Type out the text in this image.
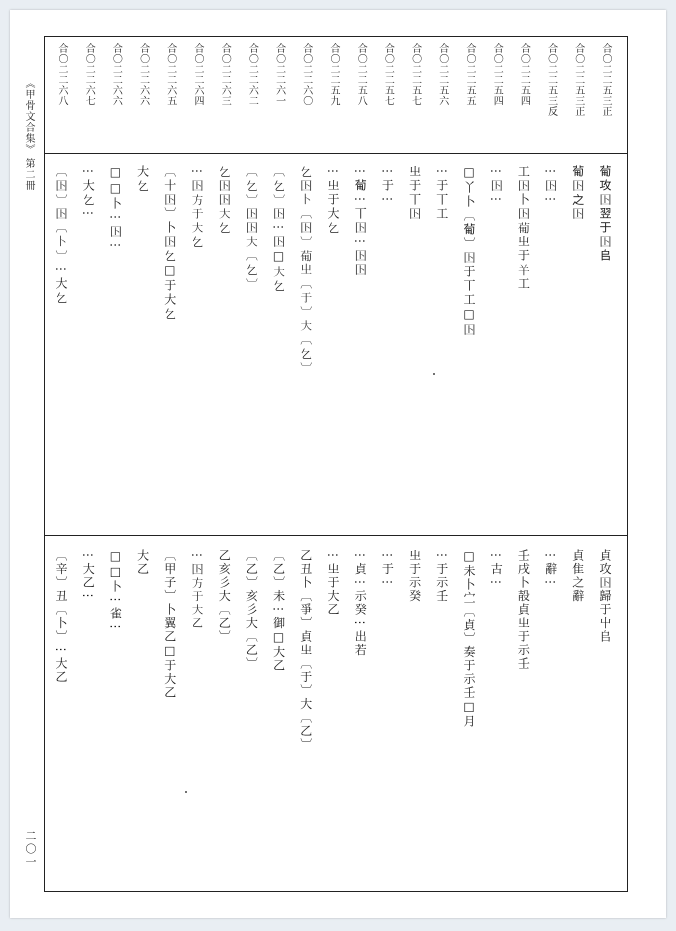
《甲骨文合集》
第二冊
二〇一
合〇二二五三正
𤰈攻𡆥翌于𡆥𠂤
貞攻𡆥歸于屮𠂤
合〇二二五三正
𤰈𡆥之𡆥
貞隹之辭
合〇二二五三反
⋮𡆥⋮
⋮辭⋮
合〇二二五四
工𡆥卜𡆥𤰈㞢于𢆉工
壬戌卜㱿貞㞢于示壬
合〇二二五四
⋮𡆥⋮
⋮古⋮
合〇二二五五
□丫卜〔𤰈〕𡆥于丅工□𡆥
□未卜㝉〔貞〕奏于示壬□月
合〇二二五六
⋮于丅工
⋮于示壬
合〇二二五七
㞢于丅𡆥
㞢于示癸
合〇二二五七
⋮于⋮
⋮于⋮
合〇二二五八
⋮𤰈⋮丅𡆥⋮𡆥𡆥
⋮貞⋮示癸⋮出若
合〇二二五九
⋮㞢于大𠃉
⋮㞢于大乙
合〇二二六〇
𠃉𡆥卜〔𡆥〕𤰈㞢〔于〕大〔𠃉〕
乙丑卜〔爭〕貞㞢〔于〕大〔乙〕
合〇二二六一
〔𠃉〕𡆥⋮𡆥□大𠃉
〔乙〕未⋮御□大乙
合〇二二六二
〔𠃉〕𡆥𡆥大〔𠃉〕
〔乙〕亥彡大〔乙〕
合〇二二六三
𠃉𡆥𡆥大𠃉
乙亥彡大〔乙〕
合〇二二六四
⋮𡆥方于大𠃉
⋮𡆥方于大乙
合〇二二六五
〔十𡆥〕卜𡆥𠃉□于大𠃉
〔甲子〕卜翼乙□于大乙
合〇二二六六
大𠃉
大乙
合〇二二六六
□□卜⋮𡆥⋮
□□卜⋮雀⋮
合〇二二六七
⋮大𠃉⋮
⋮大乙⋮
合〇二二六八
〔𡆥〕𡆥〔卜〕⋮大𠃉
〔辛〕丑〔卜〕⋮大乙
